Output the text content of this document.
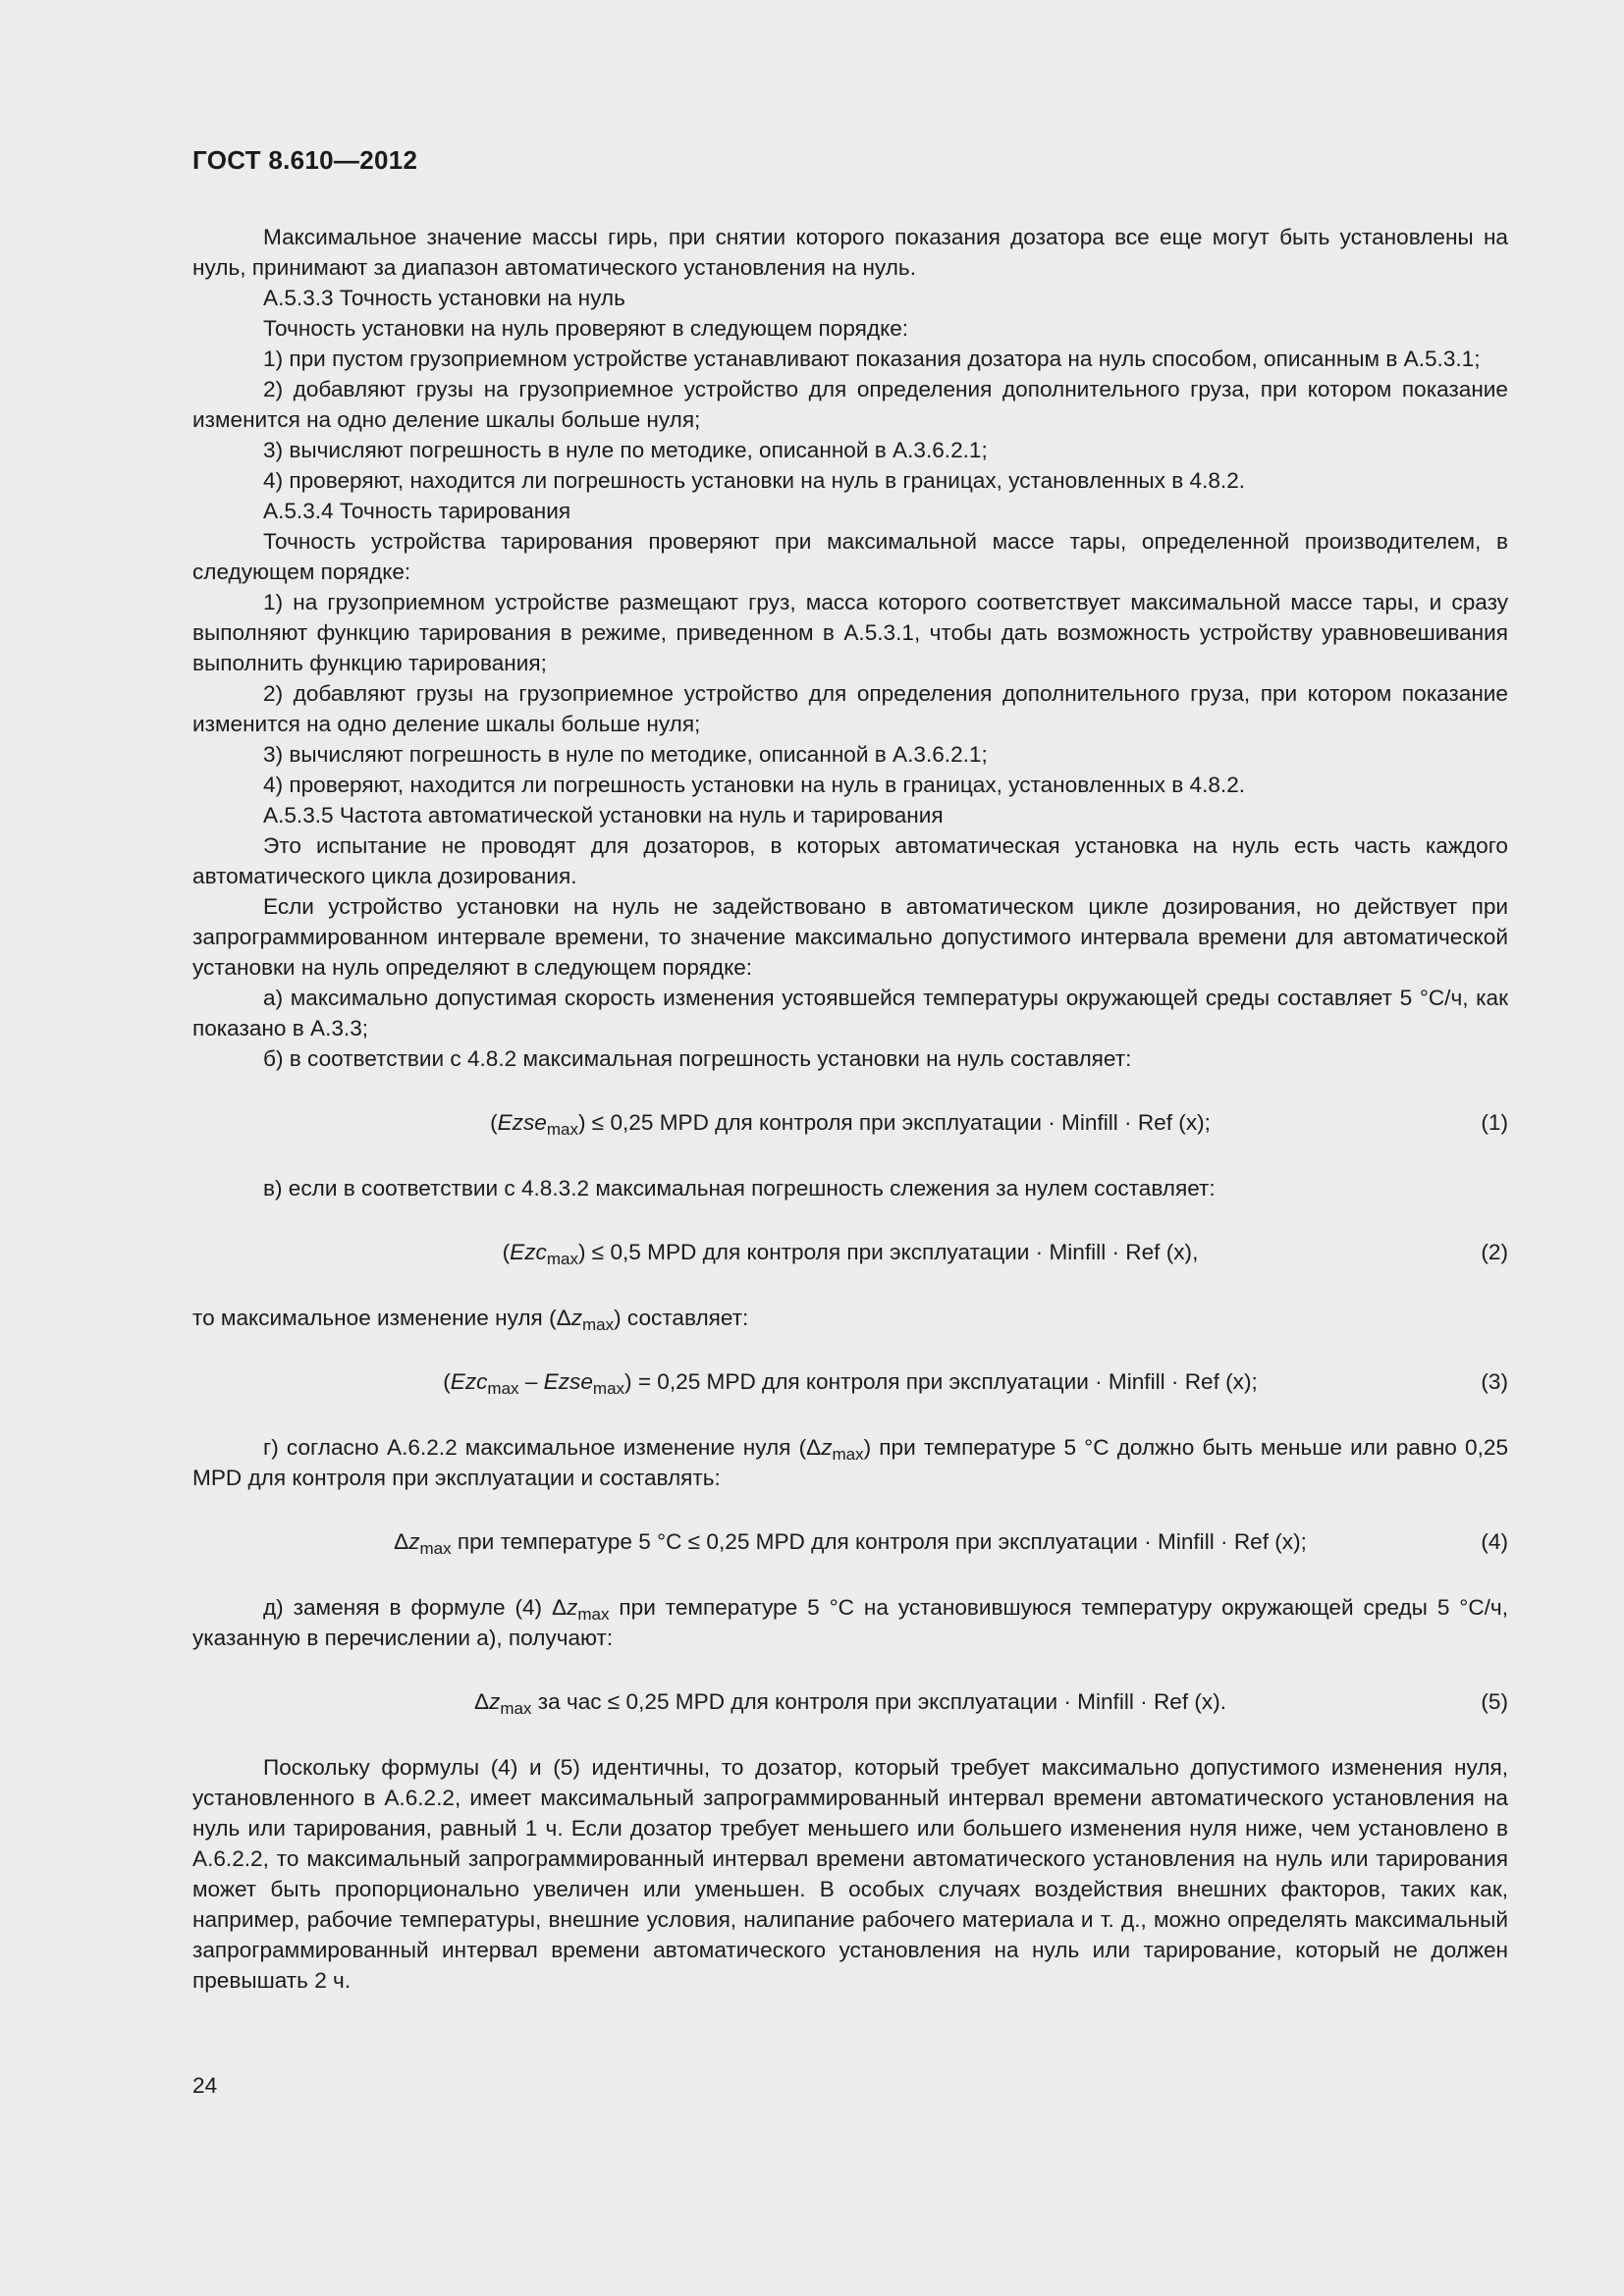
ГОСТ 8.610—2012

Максимальное значение массы гирь, при снятии которого показания дозатора все еще могут быть установлены на нуль, принимают за диапазон автоматического установления на нуль.

А.5.3.3 Точность установки на нуль

Точность установки на нуль проверяют в следующем порядке:

1) при пустом грузоприемном устройстве устанавливают показания дозатора на нуль способом, описанным в А.5.3.1;

2) добавляют грузы на грузоприемное устройство для определения дополнительного груза, при котором показание изменится на одно деление шкалы больше нуля;

3) вычисляют погрешность в нуле по методике, описанной в А.3.6.2.1;

4) проверяют, находится ли погрешность установки на нуль в границах, установленных в 4.8.2.

А.5.3.4 Точность тарирования

Точность устройства тарирования проверяют при максимальной массе тары, определенной производителем, в следующем порядке:

1) на грузоприемном устройстве размещают груз, масса которого соответствует максимальной массе тары, и сразу выполняют функцию тарирования в режиме, приведенном в А.5.3.1, чтобы дать возможность устройству уравновешивания выполнить функцию тарирования;

2) добавляют грузы на грузоприемное устройство для определения дополнительного груза, при котором показание изменится на одно деление шкалы больше нуля;

3) вычисляют погрешность в нуле по методике, описанной в А.3.6.2.1;

4) проверяют, находится ли погрешность установки на нуль в границах, установленных в 4.8.2.

А.5.3.5 Частота автоматической установки на нуль и тарирования

Это испытание не проводят для дозаторов, в которых автоматическая установка на нуль есть часть каждого автоматического цикла дозирования.

Если устройство установки на нуль не задействовано в автоматическом цикле дозирования, но действует при запрограммированном интервале времени, то значение максимально допустимого интервала времени для автоматической установки на нуль определяют в следующем порядке:

а) максимально допустимая скорость изменения устоявшейся температуры окружающей среды составляет 5 °С/ч, как показано в А.3.3;

б) в соответствии с 4.8.2 максимальная погрешность установки на нуль составляет:

(Ezse$_{max}$) ≤ 0,25 MPD для контроля при эксплуатации · Minfill · Ref (x);	(1)

в) если в соответствии с 4.8.3.2 максимальная погрешность слежения за нулем составляет:

(Ezc$_{max}$) ≤ 0,5 MPD для контроля при эксплуатации · Minfill · Ref (x),	(2)

то максимальное изменение нуля $(\Delta z_{max})$ составляет:

(Ezc$_{max}$ – Ezse$_{max}$) = 0,25 MPD для контроля при эксплуатации · Minfill · Ref (x);	(3)

г) согласно А.6.2.2 максимальное изменение нуля $(\Delta z_{max})$ при температуре 5 °С должно быть меньше или равно 0,25 MPD для контроля при эксплуатации и составлять:

$\Delta z_{max}$ при температуре 5 °С ≤ 0,25 MPD для контроля при эксплуатации · Minfill · Ref (x);	(4)

д) заменяя в формуле (4) $\Delta z_{max}$ при температуре 5 °С на установившуюся температуру окружающей среды 5 °С/ч, указанную в перечислении а), получают:

$\Delta z_{max}$ за час ≤ 0,25 MPD для контроля при эксплуатации · Minfill · Ref (x).	(5)

Поскольку формулы (4) и (5) идентичны, то дозатор, который требует максимально допустимого изменения нуля, установленного в А.6.2.2, имеет максимальный запрограммированный интервал времени автоматического установления на нуль или тарирования, равный 1 ч. Если дозатор требует меньшего или большего изменения нуля ниже, чем установлено в А.6.2.2, то максимальный запрограммированный интервал времени автоматического установления на нуль или тарирования может быть пропорционально увеличен или уменьшен. В особых случаях воздействия внешних факторов, таких как, например, рабочие температуры, внешние условия, налипание рабочего материала и т. д., можно определять максимальный запрограммированный интервал времени автоматического установления на нуль или тарирование, который не должен превышать 2 ч.

24
